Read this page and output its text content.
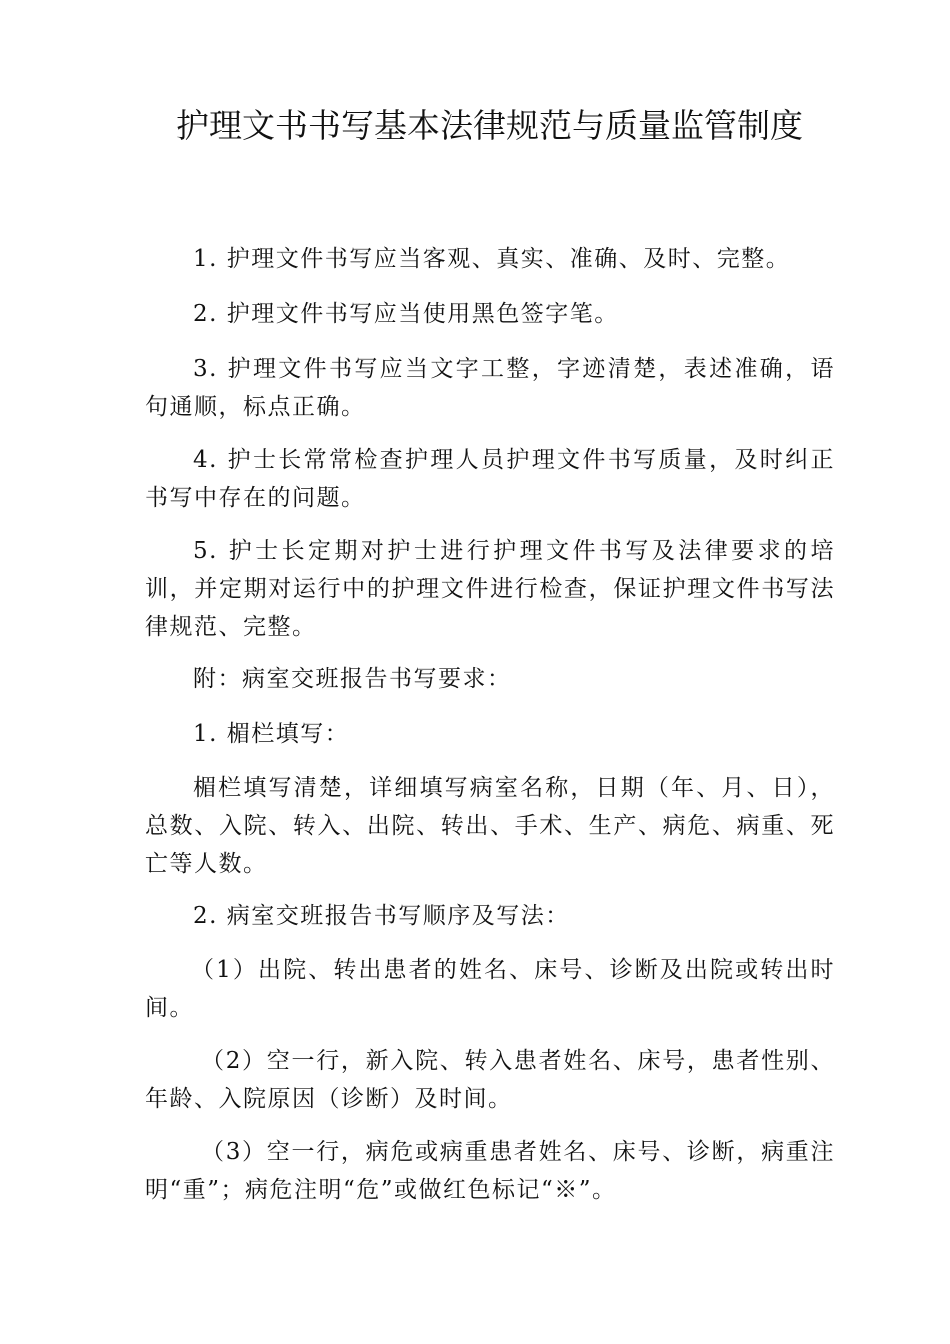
护理文书书写基本法律规范与质量监管制度

1. 护理文件书写应当客观、真实、准确、及时、完整。

2. 护理文件书写应当使用黑色签字笔。

3. 护理文件书写应当文字工整，字迹清楚，表述准确，语句通顺，标点正确。

4. 护士长常常检查护理人员护理文件书写质量，及时纠正书写中存在的问题。

5. 护士长定期对护士进行护理文件书写及法律要求的培训，并定期对运行中的护理文件进行检查，保证护理文件书写法律规范、完整。

附：病室交班报告书写要求：

1. 楣栏填写：

楣栏填写清楚，详细填写病室名称，日期（年、月、日），总数、入院、转入、出院、转出、手术、生产、病危、病重、死亡等人数。

2. 病室交班报告书写顺序及写法：

（1）出院、转出患者的姓名、床号、诊断及出院或转出时间。

（2）空一行，新入院、转入患者姓名、床号，患者性别、年龄、入院原因（诊断）及时间。

（3）空一行，病危或病重患者姓名、床号、诊断，病重注明“重”；病危注明“危”或做红色标记“※”。
